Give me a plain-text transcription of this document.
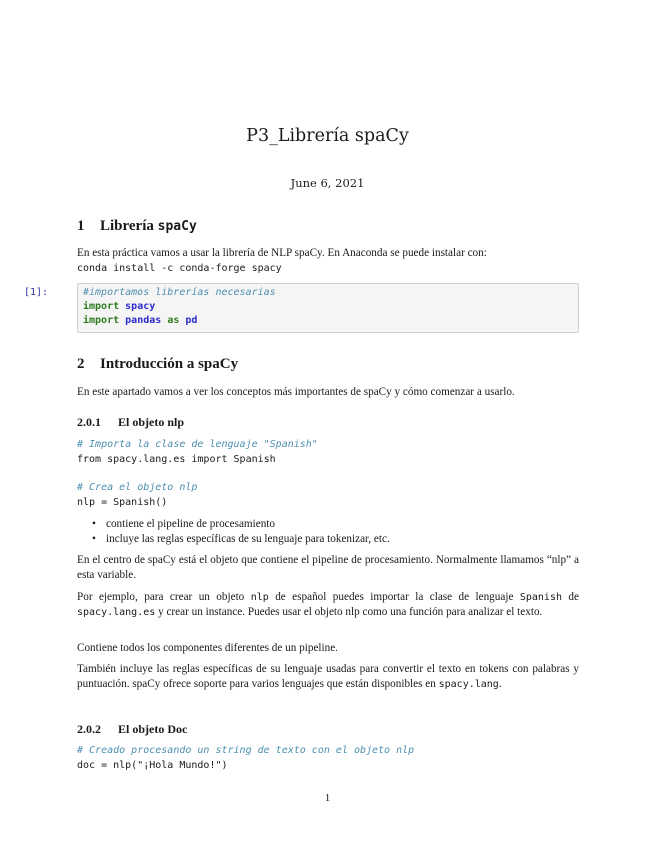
P3_Librería spaCy
June 6, 2021
1 Librería spaCy
En esta práctica vamos a usar la librería de NLP spaCy. En Anaconda se puede instalar con:
conda install -c conda-forge spacy
[1]:	#importamos librerías necesarias
import spacy
import pandas as pd
2 Introducción a spaCy
En este apartado vamos a ver los conceptos más importantes de spaCy y cómo comenzar a usarlo.
2.0.1 El objeto nlp
# Importa la clase de lenguaje "Spanish"
from spacy.lang.es import Spanish
# Crea el objeto nlp
nlp = Spanish()
• contiene el pipeline de procesamiento
• incluye las reglas específicas de su lenguaje para tokenizar, etc.
En el centro de spaCy está el objeto que contiene el pipeline de procesamiento. Normalmente llamamos “nlp” a esta variable.
Por ejemplo, para crear un objeto nlp de español puedes importar la clase de lenguaje Spanish de spacy.lang.es y crear un instance. Puedes usar el objeto nlp como una función para analizar el texto.
Contiene todos los componentes diferentes de un pipeline.
También incluye las reglas específicas de su lenguaje usadas para convertir el texto en tokens con palabras y puntuación. spaCy ofrece soporte para varios lenguajes que están disponibles en spacy.lang.
2.0.2 El objeto Doc
# Creado procesando un string de texto con el objeto nlp
doc = nlp("¡Hola Mundo!")
1
